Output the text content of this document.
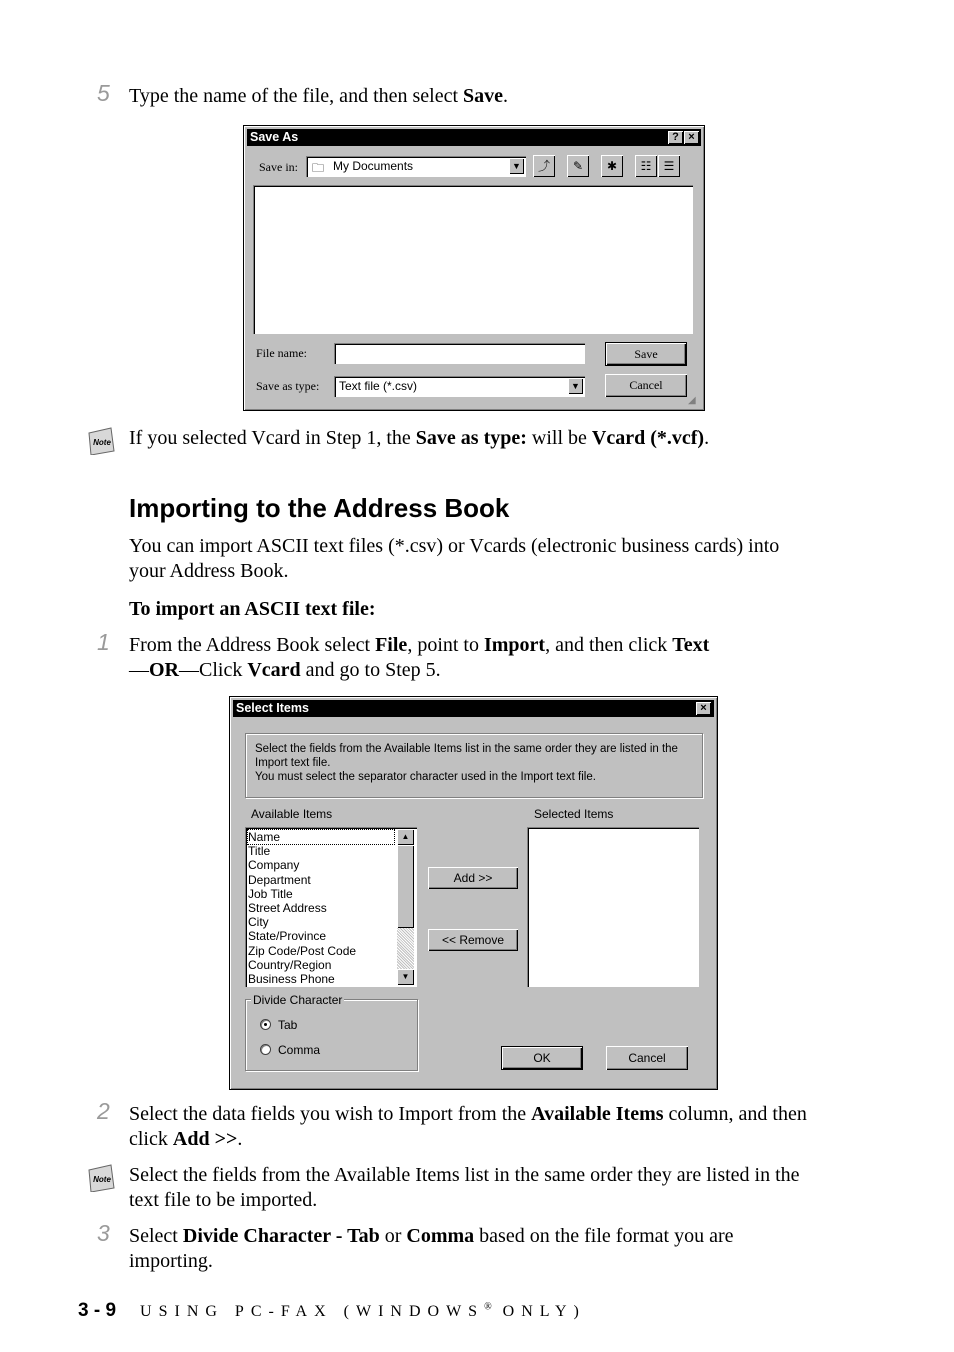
5 Type the name of the file, and then select Save.
Save As	? ×
Save in: 🗀 My Documents	▼	⤴	✎	✱	☷	☰
File name:
Save as type: Text file (*.csv)	▼
Save
Cancel
◢
Note If you selected Vcard in Step 1, the Save as type: will be Vcard (*.vcf).
Importing to the Address Book
You can import ASCII text files (*.csv) or Vcards (electronic business cards) into your Address Book.
To import an ASCII text file:
1 From the Address Book select File, point to Import, and then click Text
—OR—Click Vcard and go to Step 5.
Select Items	×
Select the fields from the Available Items list in the same order they are listed in the Import text file.
You must select the separator character used in the Import text file.
Available Items	Selected Items
▲
▼
Name
Title
Company
Department
Job Title
Street Address
City
State/Province
Zip Code/Post Code
Country/Region
Business Phone
Add >>
<< Remove
Divide Character
Tab
Comma
OK	Cancel
2 Select the data fields you wish to Import from the Available Items column, and then click Add >>.
Note Select the fields from the Available Items list in the same order they are listed in the text file to be imported.
3 Select Divide Character - Tab or Comma based on the file format you are importing.
3 - 9 USING PC-FAX (WINDOWS® ONLY)
